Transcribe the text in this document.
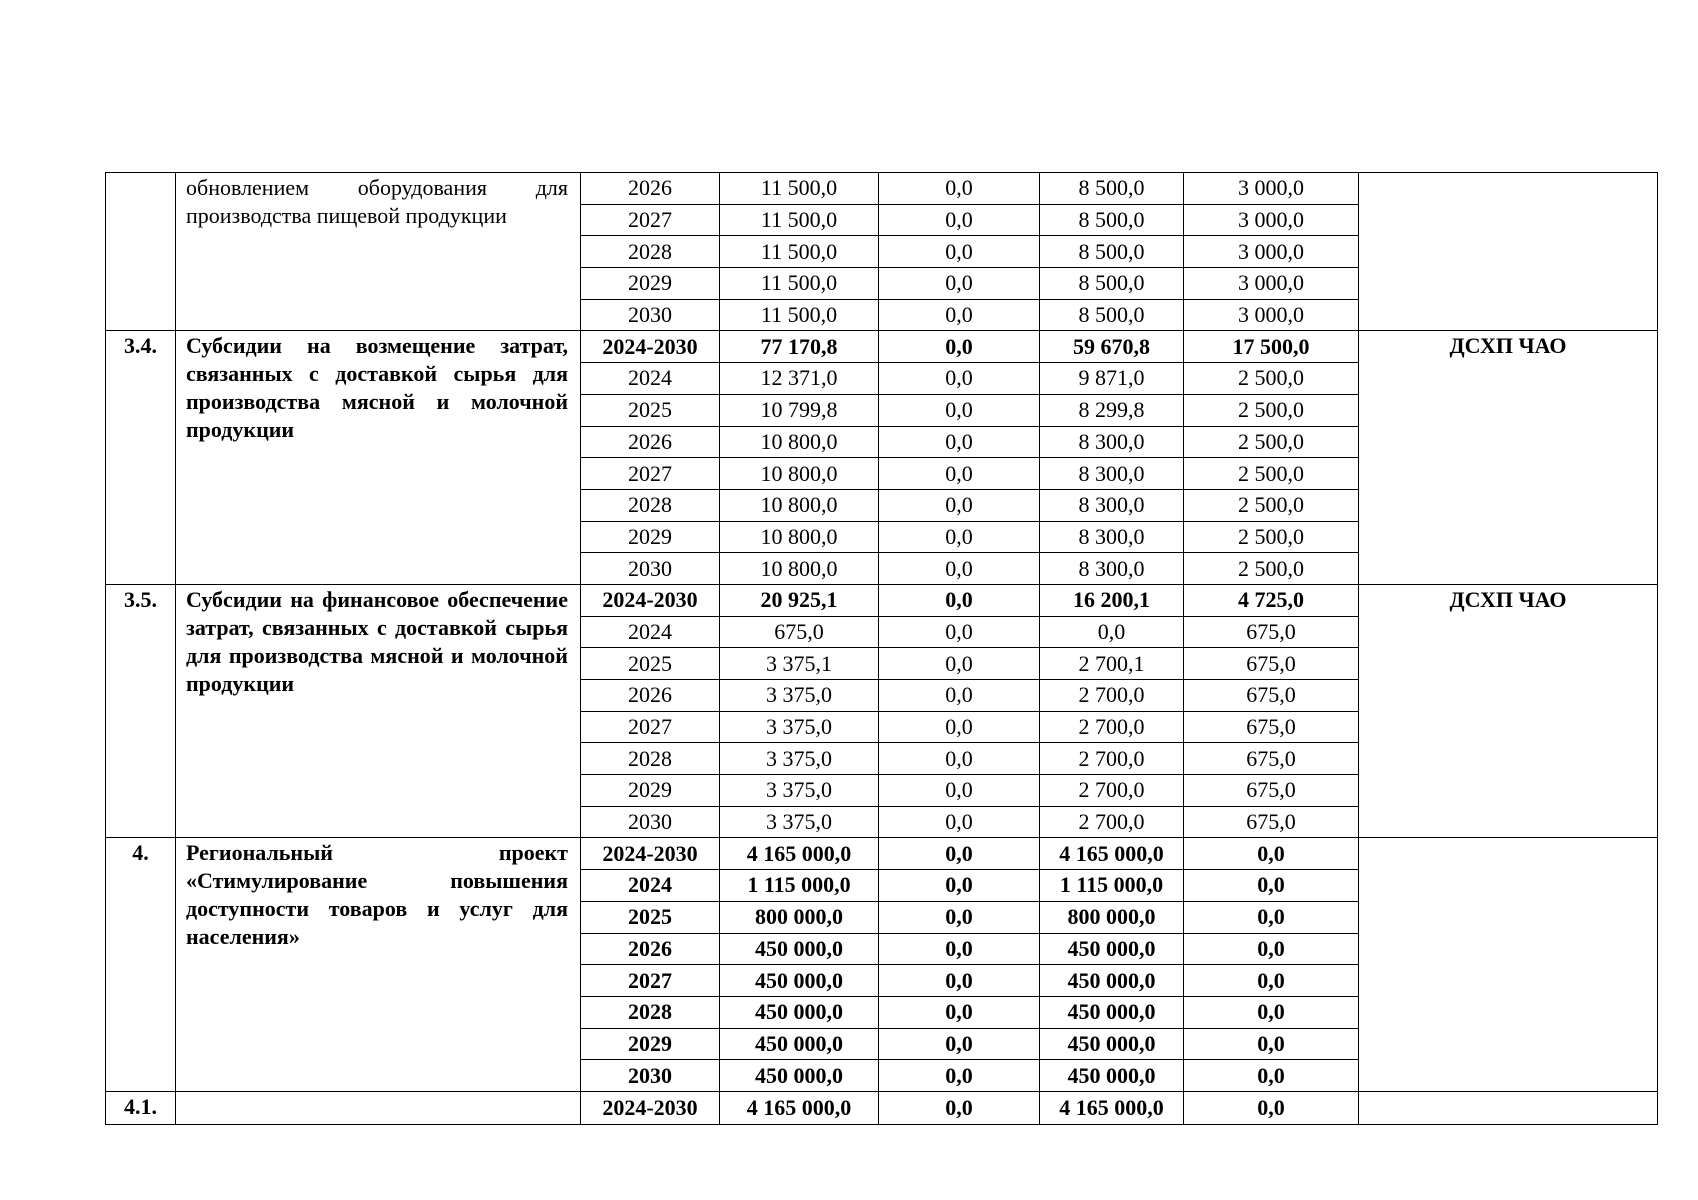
	обновлением оборудования для производства пищевой продукции	2026	11 500,0	0,0	8 500,0	3 000,0	
		2027	11 500,0	0,0	8 500,0	3 000,0	
		2028	11 500,0	0,0	8 500,0	3 000,0	
		2029	11 500,0	0,0	8 500,0	3 000,0	
		2030	11 500,0	0,0	8 500,0	3 000,0	
3.4.	Субсидии на возмещение затрат, связанных с доставкой сырья для производства мясной и молочной продукции	2024-2030	77 170,8	0,0	59 670,8	17 500,0	ДСХП ЧАО
		2024	12 371,0	0,0	9 871,0	2 500,0	
		2025	10 799,8	0,0	8 299,8	2 500,0	
		2026	10 800,0	0,0	8 300,0	2 500,0	
		2027	10 800,0	0,0	8 300,0	2 500,0	
		2028	10 800,0	0,0	8 300,0	2 500,0	
		2029	10 800,0	0,0	8 300,0	2 500,0	
		2030	10 800,0	0,0	8 300,0	2 500,0	
3.5.	Субсидии на финансовое обеспечение затрат, связанных с доставкой сырья для производства мясной и молочной продукции	2024-2030	20 925,1	0,0	16 200,1	4 725,0	ДСХП ЧАО
		2024	675,0	0,0	0,0	675,0	
		2025	3 375,1	0,0	2 700,1	675,0	
		2026	3 375,0	0,0	2 700,0	675,0	
		2027	3 375,0	0,0	2 700,0	675,0	
		2028	3 375,0	0,0	2 700,0	675,0	
		2029	3 375,0	0,0	2 700,0	675,0	
		2030	3 375,0	0,0	2 700,0	675,0	
4.	Региональный проект «Стимулирование повышения доступности товаров и услуг для населения»	2024-2030	4 165 000,0	0,0	4 165 000,0	0,0	
		2024	1 115 000,0	0,0	1 115 000,0	0,0	
		2025	800 000,0	0,0	800 000,0	0,0	
		2026	450 000,0	0,0	450 000,0	0,0	
		2027	450 000,0	0,0	450 000,0	0,0	
		2028	450 000,0	0,0	450 000,0	0,0	
		2029	450 000,0	0,0	450 000,0	0,0	
		2030	450 000,0	0,0	450 000,0	0,0	
4.1.		2024-2030	4 165 000,0	0,0	4 165 000,0	0,0	
